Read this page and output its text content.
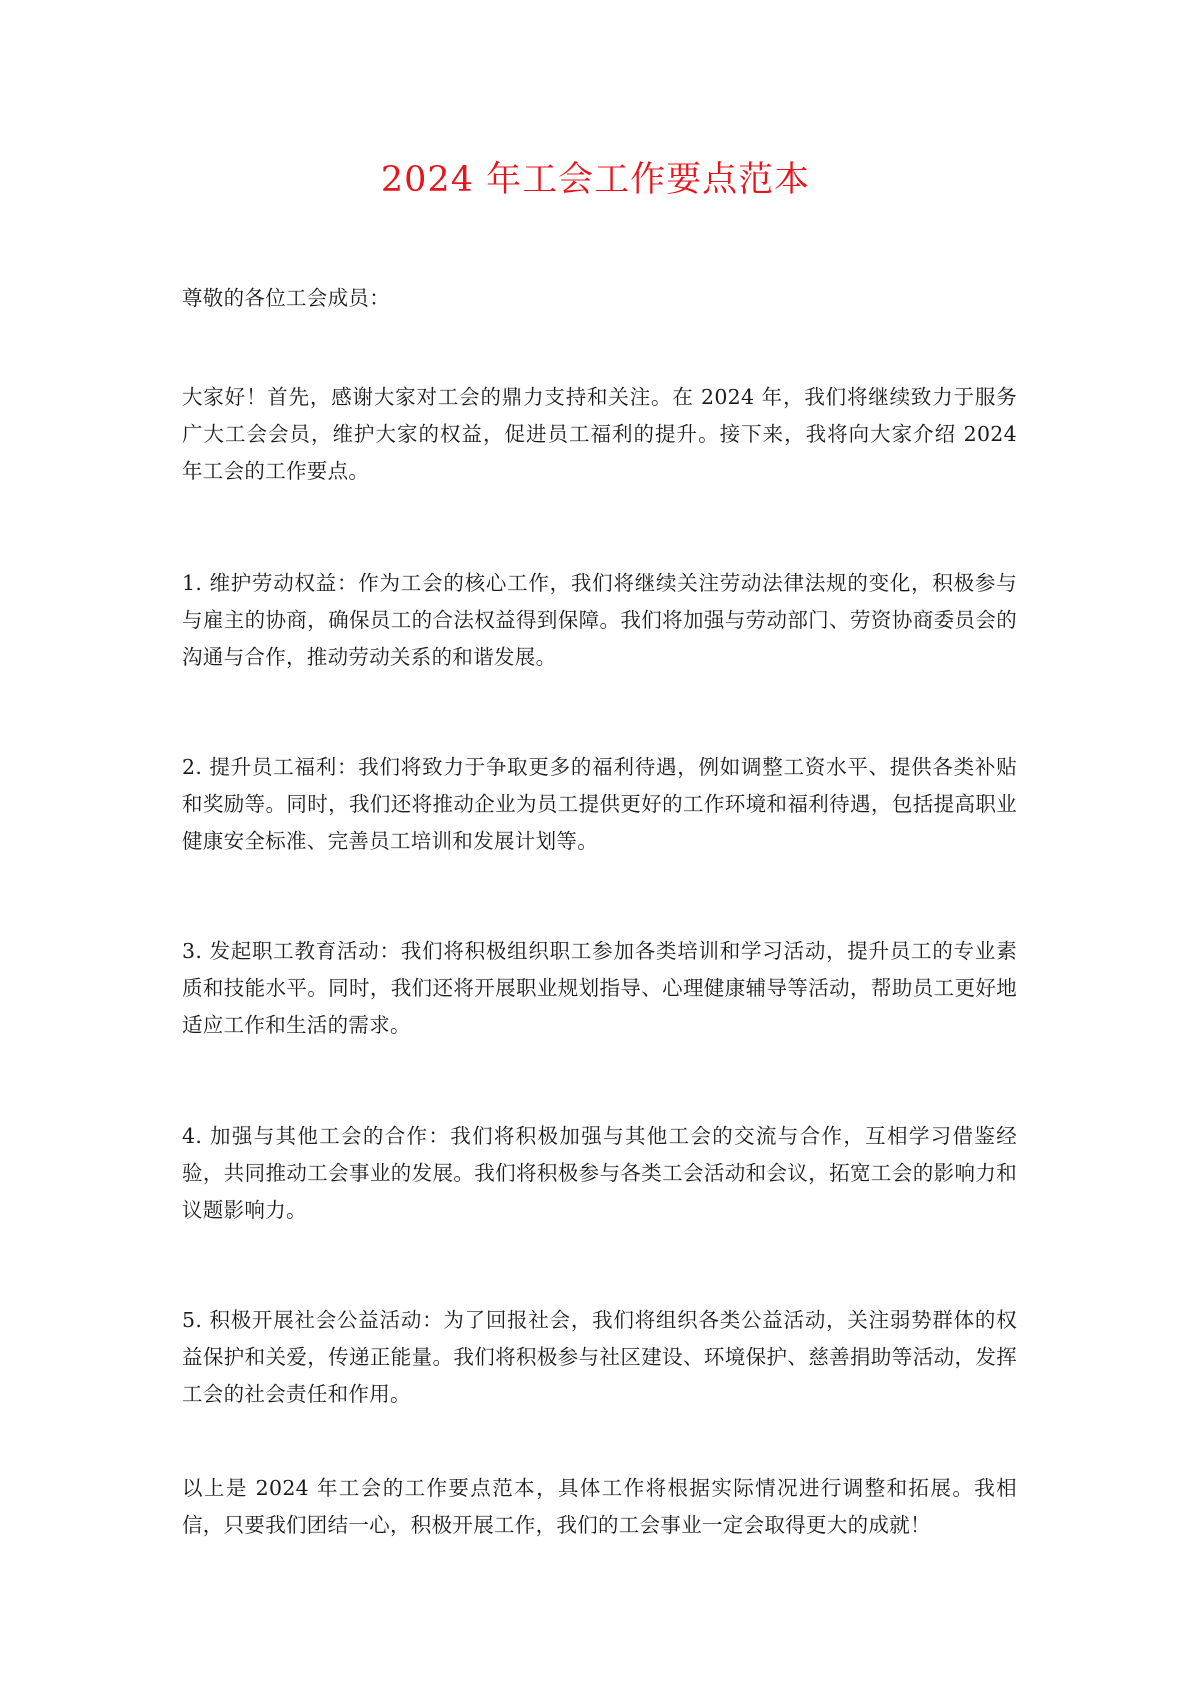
2024 年工会工作要点范本

尊敬的各位工会成员：

大家好！首先，感谢大家对工会的鼎力支持和关注。在 2024 年，我们将继续致力于服务广大工会会员，维护大家的权益，促进员工福利的提升。接下来，我将向大家介绍 2024 年工会的工作要点。

1. 维护劳动权益：作为工会的核心工作，我们将继续关注劳动法律法规的变化，积极参与与雇主的协商，确保员工的合法权益得到保障。我们将加强与劳动部门、劳资协商委员会的沟通与合作，推动劳动关系的和谐发展。

2. 提升员工福利：我们将致力于争取更多的福利待遇，例如调整工资水平、提供各类补贴和奖励等。同时，我们还将推动企业为员工提供更好的工作环境和福利待遇，包括提高职业健康安全标准、完善员工培训和发展计划等。

3. 发起职工教育活动：我们将积极组织职工参加各类培训和学习活动，提升员工的专业素质和技能水平。同时，我们还将开展职业规划指导、心理健康辅导等活动，帮助员工更好地适应工作和生活的需求。

4. 加强与其他工会的合作：我们将积极加强与其他工会的交流与合作，互相学习借鉴经验，共同推动工会事业的发展。我们将积极参与各类工会活动和会议，拓宽工会的影响力和议题影响力。

5. 积极开展社会公益活动：为了回报社会，我们将组织各类公益活动，关注弱势群体的权益保护和关爱，传递正能量。我们将积极参与社区建设、环境保护、慈善捐助等活动，发挥工会的社会责任和作用。

以上是 2024 年工会的工作要点范本，具体工作将根据实际情况进行调整和拓展。我相信，只要我们团结一心，积极开展工作，我们的工会事业一定会取得更大的成就！
